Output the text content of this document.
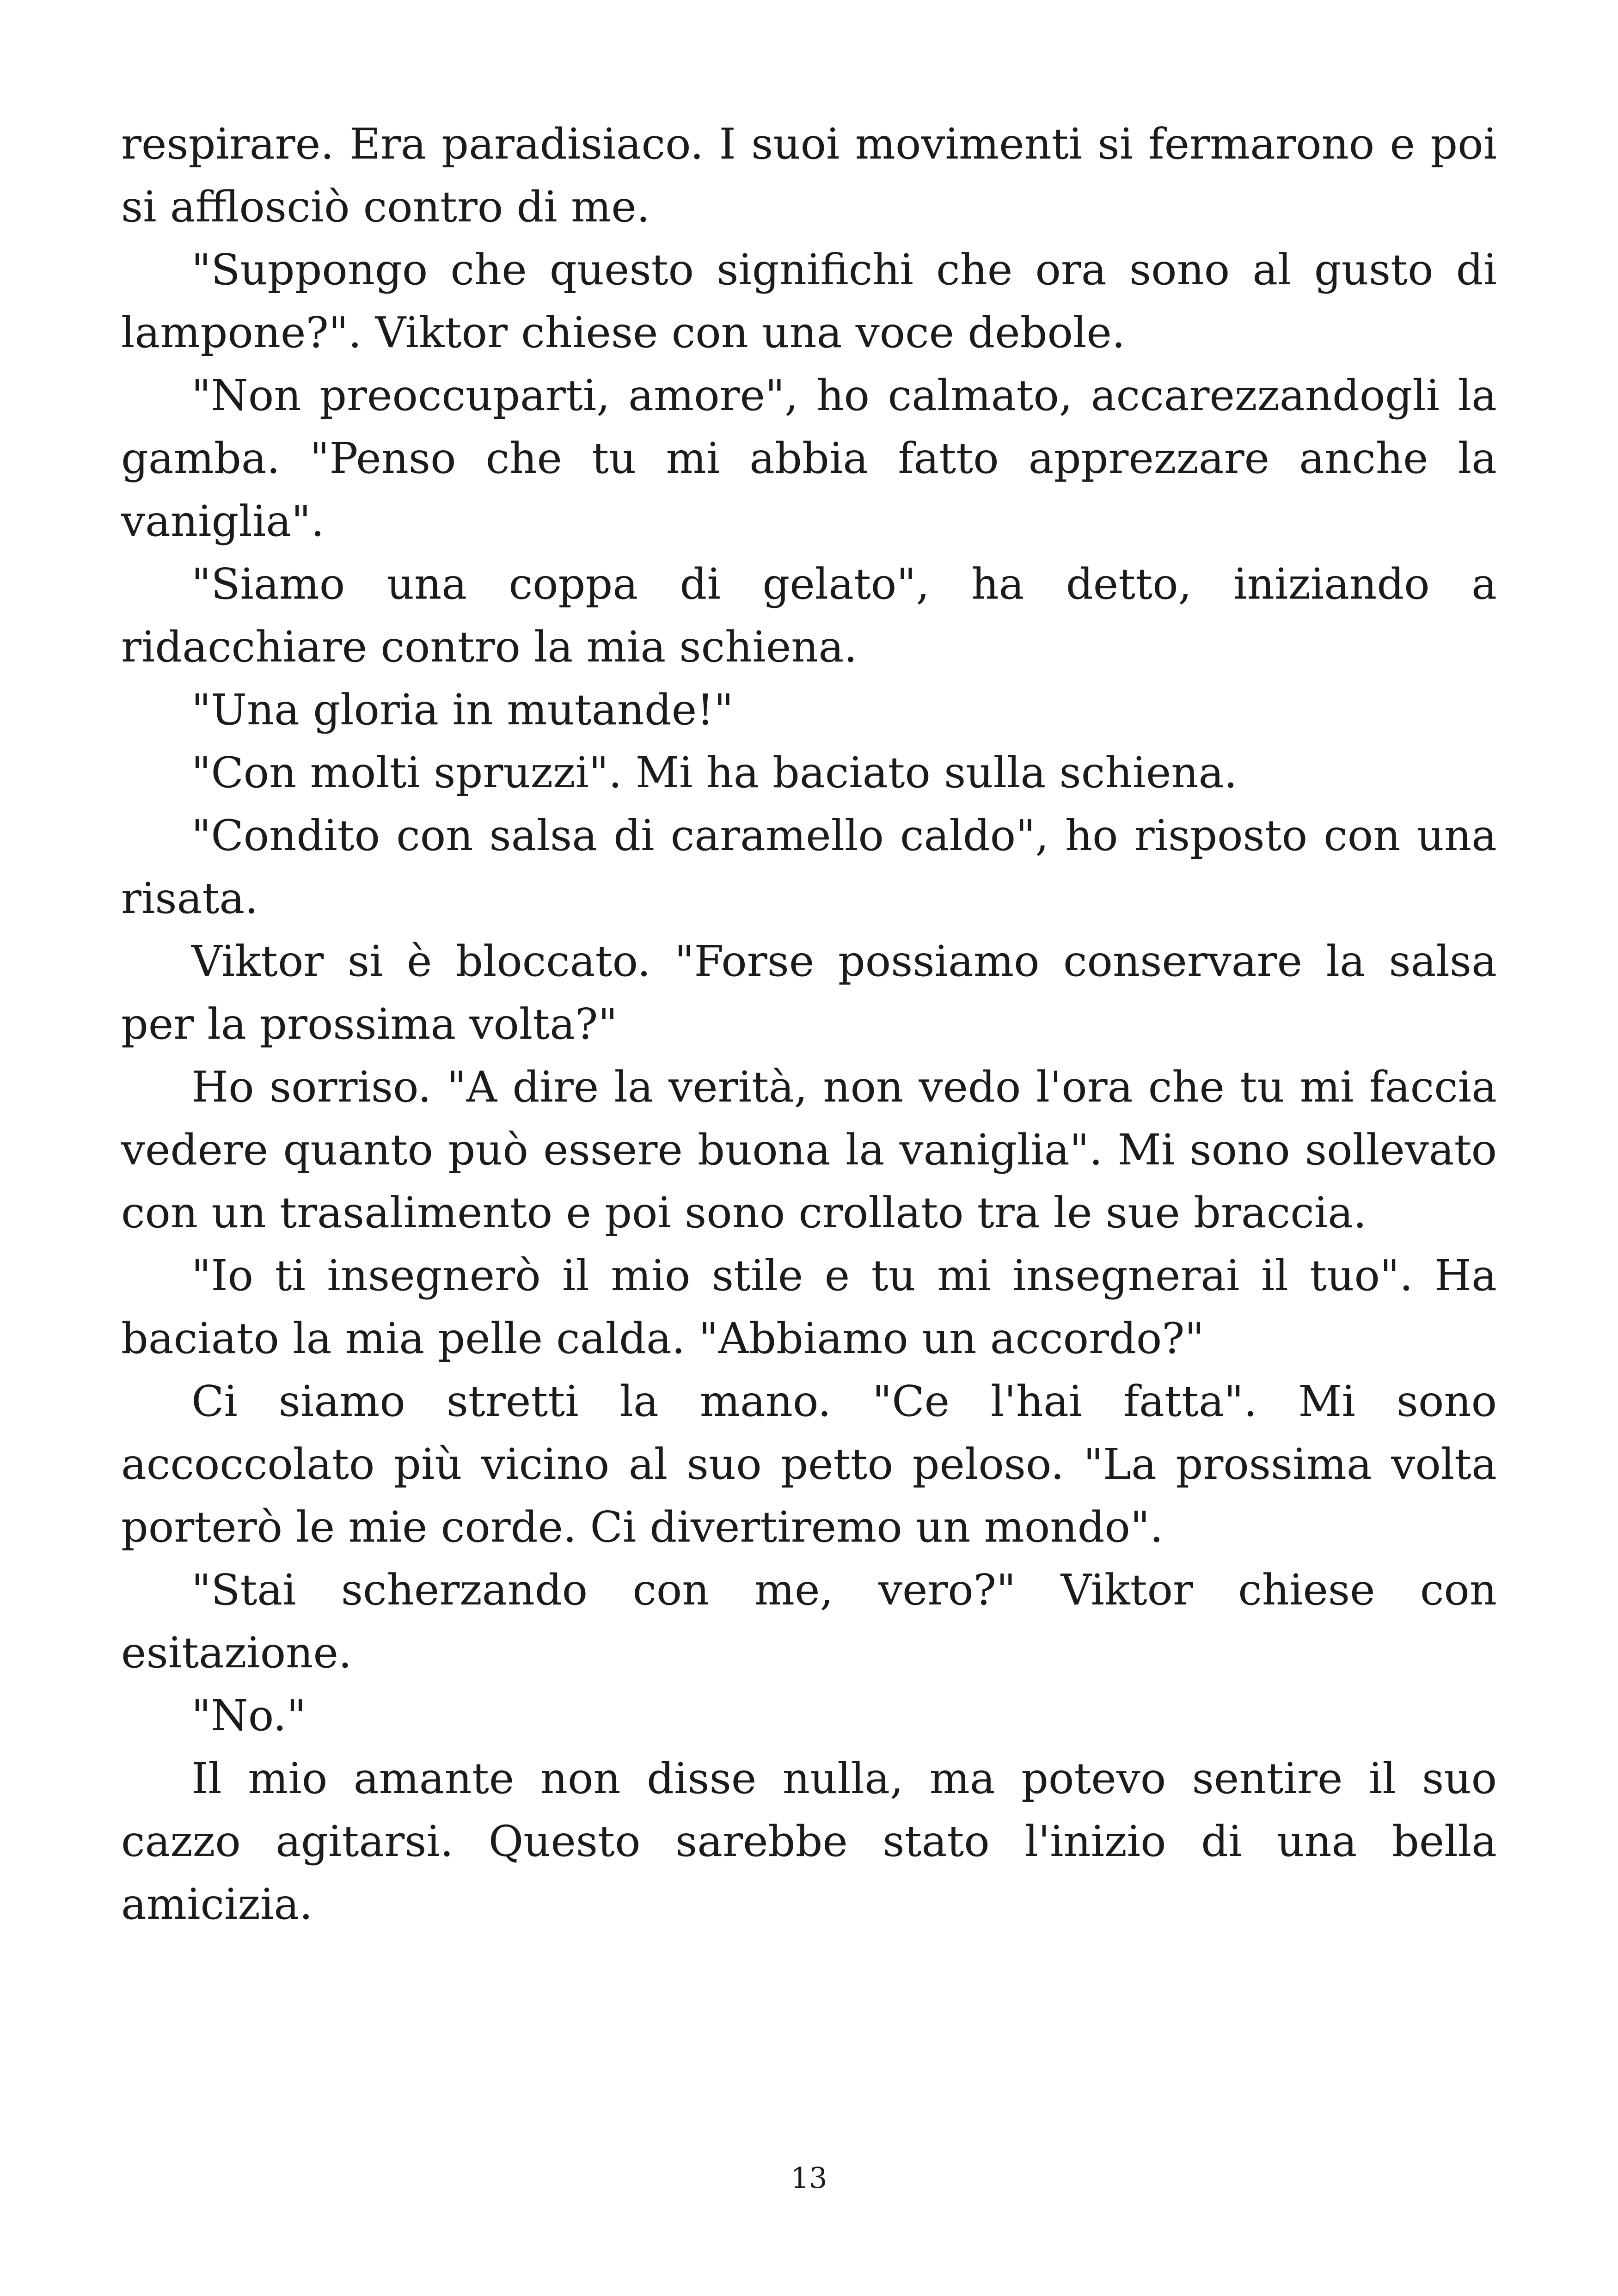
respirare. Era paradisiaco. I suoi movimenti si fermarono e poi si afflosciò contro di me.

"Suppongo che questo significhi che ora sono al gusto di lampone?". Viktor chiese con una voce debole.

"Non preoccuparti, amore", ho calmato, accarezzandogli la gamba. "Penso che tu mi abbia fatto apprezzare anche la vaniglia".

"Siamo una coppa di gelato", ha detto, iniziando a ridacchiare contro la mia schiena.

"Una gloria in mutande!"

"Con molti spruzzi". Mi ha baciato sulla schiena.

"Condito con salsa di caramello caldo", ho risposto con una risata.

Viktor si è bloccato. "Forse possiamo conservare la salsa per la prossima volta?"

Ho sorriso. "A dire la verità, non vedo l'ora che tu mi faccia vedere quanto può essere buona la vaniglia". Mi sono sollevato con un trasalimento e poi sono crollato tra le sue braccia.

"Io ti insegnerò il mio stile e tu mi insegnerai il tuo". Ha baciato la mia pelle calda. "Abbiamo un accordo?"

Ci siamo stretti la mano. "Ce l'hai fatta". Mi sono accoccolato più vicino al suo petto peloso. "La prossima volta porterò le mie corde. Ci divertiremo un mondo".

"Stai scherzando con me, vero?" Viktor chiese con esitazione.

"No."

Il mio amante non disse nulla, ma potevo sentire il suo cazzo agitarsi. Questo sarebbe stato l'inizio di una bella amicizia.

13
